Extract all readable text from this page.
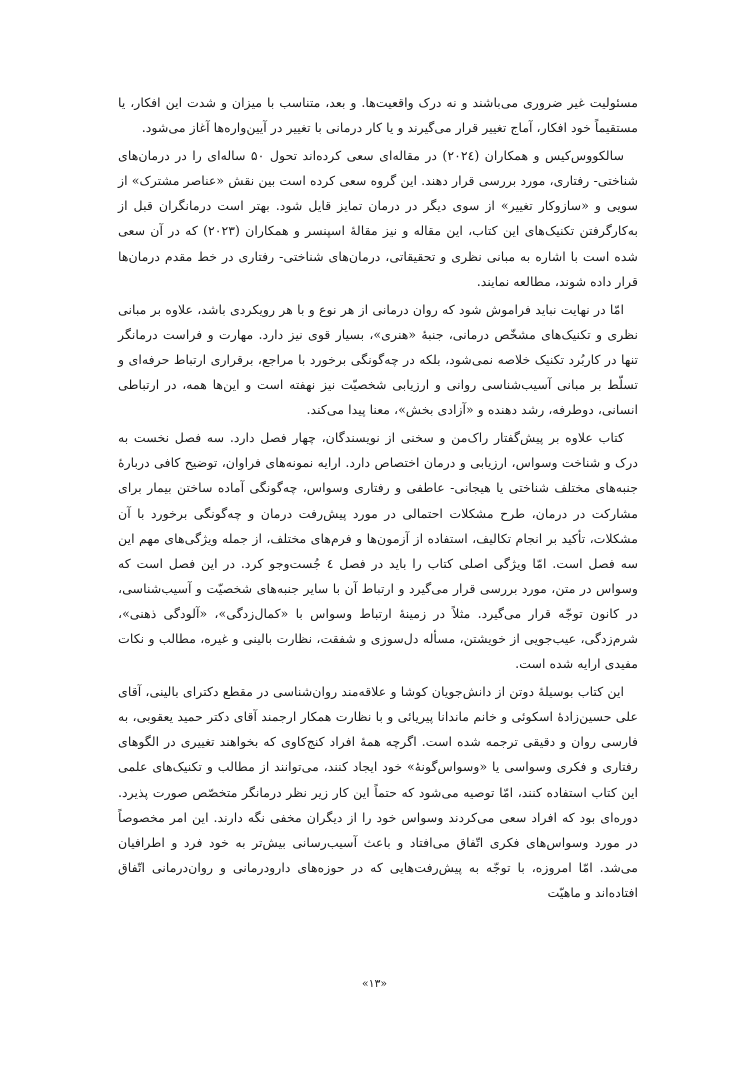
مسئولیت غیر ضروری می‌باشند و نه درک واقعیت‌ها. و بعد، متناسب با میزان و شدت این افکار، یا مستقیماً خود افکار، آماج تغییر قرار می‌گیرند و یا کار درمانی با تغییر در آیین‌واره‌ها آغاز می‌شود.

سالکووس‌کیس و همکاران (۲۰۲٤) در مقاله‌ای سعی کرده‌اند تحول ۵۰ ساله‌ای را در درمان‌های شناختی- رفتاری، مورد بررسی قرار دهند. این گروه سعی کرده است بین نقش «عناصر مشترک» از سویی و «سازوکار تغییر» از سوی دیگر در درمان تمایز قایل شود. بهتر است درمانگران قبل از به‌کارگرفتن تکنیک‌های این کتاب، این مقاله و نیز مقالهٔ اسپنسر و همکاران (۲۰۲۳) که در آن سعی شده است با اشاره به مبانی نظری و تحقیقاتی، درمان‌های شناختی- رفتاری در خط مقدم درمان‌ها قرار داده شوند، مطالعه نمایند.

امّا در نهایت نباید فراموش شود که روان درمانی از هر نوع و با هر رویکردی باشد، علاوه بر مبانی نظری و تکنیک‌های مشخّص درمانی، جنبهٔ «هنری»، بسیار قوی نیز دارد. مهارت و فراست درمانگر تنها در کاربُرد تکنیک خلاصه نمی‌شود، بلکه در چه‌گونگی برخورد با مراجع، برقراری ارتباط حرفه‌ای و تسلّط بر مبانی آسیب‌شناسی روانی و ارزیابی شخصیّت نیز نهفته است و این‌ها همه، در ارتباطی انسانی، دوطرفه، رشد دهنده و «آزادی بخش»، معنا پیدا می‌کند.

کتاب علاوه بر پیش‌گفتار راک‌من و سخنی از نویسندگان، چهار فصل دارد. سه فصل نخست به درک و شناخت وسواس، ارزیابی و درمان اختصاص دارد. ارایه نمونه‌های فراوان، توضیح کافی دربارهٔ جنبه‌های مختلف شناختی یا هیجانی- عاطفی و رفتاری وسواس، چه‌گونگی آماده ساختن بیمار برای مشارکت در درمان، طرح مشکلات احتمالی در مورد پیش‌رفت درمان و چه‌گونگی برخورد با آن مشکلات، تأکید بر انجام تکالیف، استفاده از آزمون‌ها و فرم‌های مختلف، از جمله ویژگی‌های مهم این سه فصل است. امّا ویژگی اصلی کتاب را باید در فصل ٤ جُست‌وجو کرد. در این فصل است که وسواس در متن، مورد بررسی قرار می‌گیرد و ارتباط آن با سایر جنبه‌های شخصیّت و آسیب‌شناسی، در کانون توجّه قرار می‌گیرد. مثلاً در زمینهٔ ارتباط وسواس با «کمال‌زدگی»، «آلودگی ذهنی»، شرم‌زدگی، عیب‌جویی از خویشتن، مسأله دل‌سوزی و شفقت، نظارت بالینی و غیره، مطالب و نکات مفیدی ارایه شده است.

این کتاب بوسیلهٔ دوتن از دانش‌جویان کوشا و علاقه‌مند روان‌شناسی در مقطع دکترای بالینی، آقای علی حسین‌زادهٔ اسکوئی و خانم ماندانا پیریائی و با نظارت همکار ارجمند آقای دکتر حمید یعقوبی، به فارسی روان و دقیقی ترجمه شده است. اگرچه همهٔ افراد کنج‌کاوی که بخواهند تغییری در الگوهای رفتاری و فکری وسواسی یا «وسواس‌گونهٔ» خود ایجاد کنند، می‌توانند از مطالب و تکنیک‌های علمی این کتاب استفاده کنند، امّا توصیه می‌شود که حتماً این کار زیر نظر درمانگر متخصّص صورت پذیرد. دوره‌ای بود که افراد سعی می‌کردند وسواس خود را از دیگران مخفی نگه دارند. این امر مخصوصاً در مورد وسواس‌های فکری اتّفاق می‌افتاد و باعث آسیب‌رسانی بیش‌تر به خود فرد و اطرافیان می‌شد. امّا امروزه، با توجّه به پیش‌رفت‌هایی که در حوزه‌های دارودرمانی و روان‌درمانی اتّفاق افتاده‌اند و ماهیّت

«۱۳»
